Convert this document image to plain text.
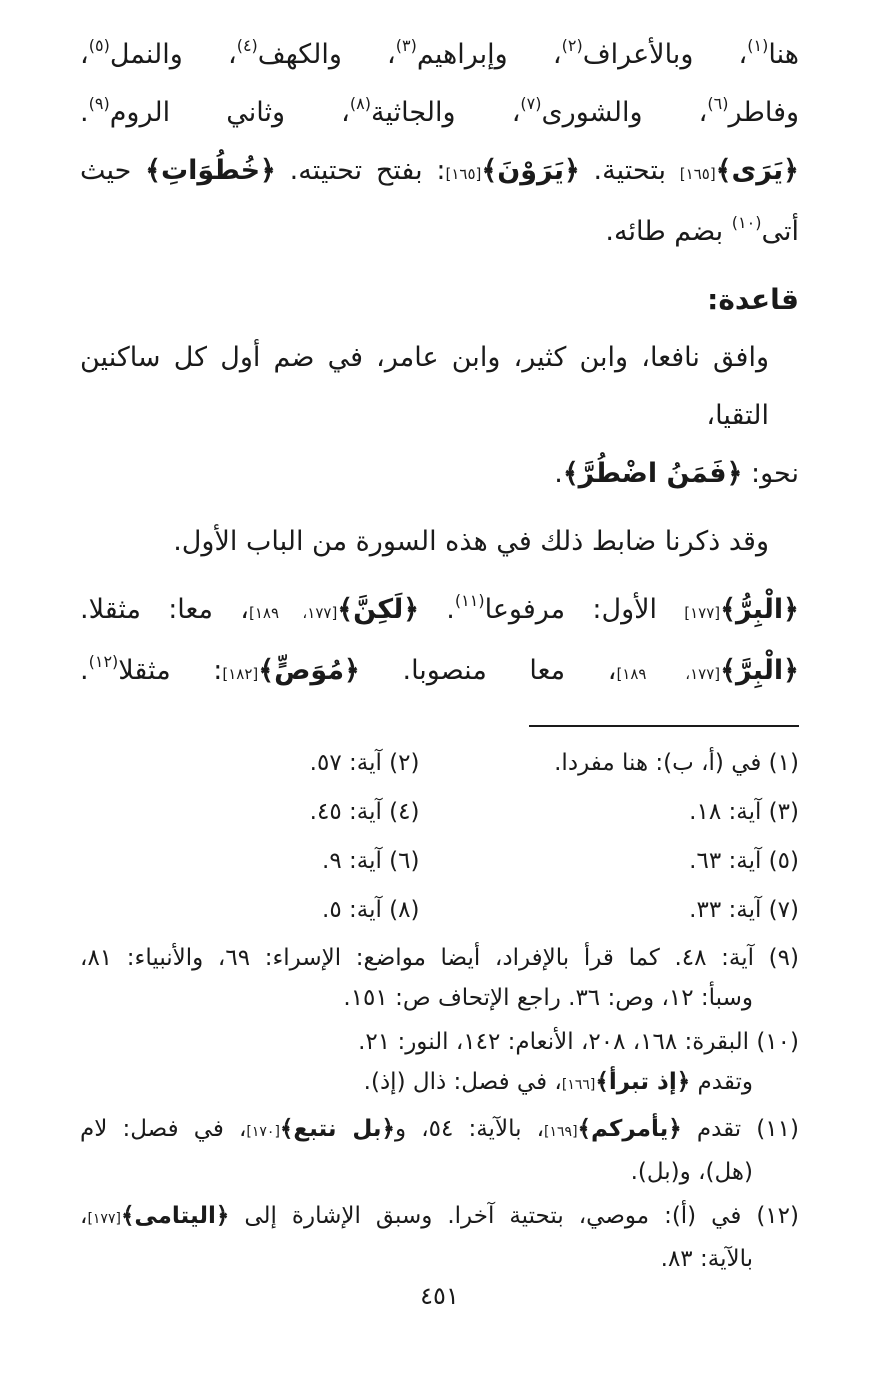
هنا$^{(١)}$، وبالأعراف$^{(٢)}$، وإبراهيم$^{(٣)}$، والكهف$^{(٤)}$، والنمل$^{(٥)}$،
وفاطر$^{(٦)}$، والشورى$^{(٧)}$، والجاثية$^{(٨)}$، وثاني الروم$^{(٩)}$.
﴿يَرَى﴾[١٦٥] بتحتية. ﴿يَرَوْنَ﴾[١٦٥]: بفتح تحتيته. ﴿خُطُوَاتِ﴾ حيث
أتى$^{(١٠)}$ بضم طائه.

قاعدة:

وافق نافعا، وابن كثير، وابن عامر، في ضم أول كل ساكنين التقيا،
نحو: ﴿فَمَنُ اضْطُرَّ﴾.

وقد ذكرنا ضابط ذلك في هذه السورة من الباب الأول.

﴿الْبِرُّ﴾[١٧٧] الأول: مرفوعا$^{(١١)}$. ﴿لَكِنَّ﴾[١٧٧، ١٨٩]، معا: مثقلا.
﴿الْبِرَّ﴾[١٧٧، ١٨٩]، معا منصوبا. ﴿مُوَصٍّ﴾[١٨٢]: مثقلا$^{(١٢)}$.

(١) في (أ، ب): هنا مفردا.
(٢) آية: ٥٧.
(٣) آية: ١٨.
(٤) آية: ٤٥.
(٥) آية: ٦٣.
(٦) آية: ٩.
(٧) آية: ٣٣.
(٨) آية: ٥.
(٩) آية: ٤٨. كما قرأ بالإفراد، أيضا مواضع: الإسراء: ٦٩، والأنبياء: ٨١،
وسبأ: ١٢، وص: ٣٦. راجع الإتحاف ص: ١٥١.
(١٠) البقرة: ١٦٨، ٢٠٨، الأنعام: ١٤٢، النور: ٢١.
وتقدم ﴿إذ تبرأ﴾[١٦٦]، في فصل: ذال (إذ).
(١١) تقدم ﴿يأمركم﴾[١٦٩]، بالآية: ٥٤، و﴿بل نتبع﴾[١٧٠]، في فصل: لام
(هل)، و(بل).
(١٢) في (أ): موصي، بتحتية آخرا. وسبق الإشارة إلى ﴿اليتامى﴾[١٧٧]،
بالآية: ٨٣.
٤٥١
